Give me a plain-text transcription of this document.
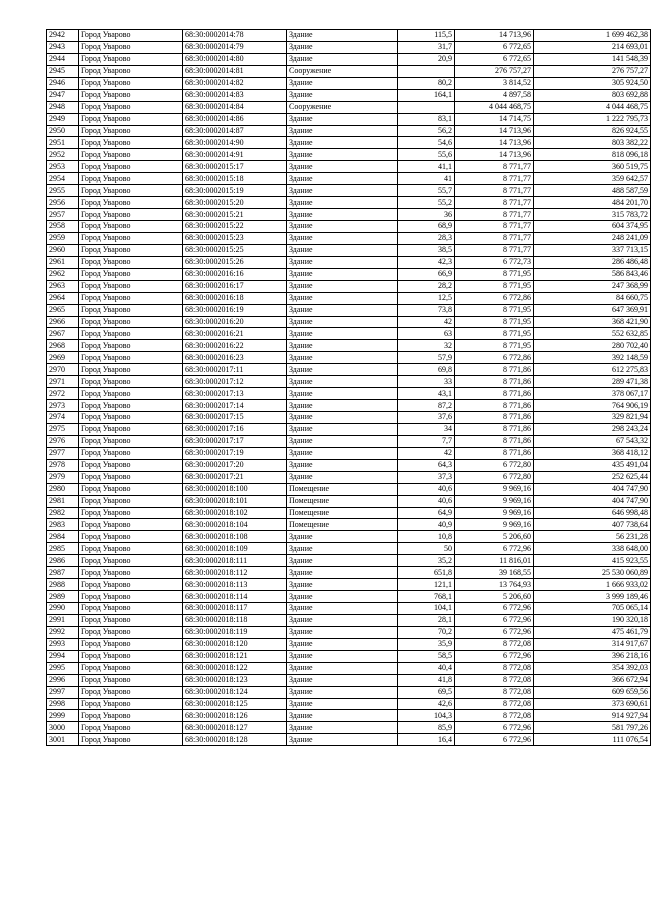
2942	Город Уварово	68:30:0002014:78	Здание	115,5	14 713,96	1 699 462,38
2943	Город Уварово	68:30:0002014:79	Здание	31,7	6 772,65	214 693,01
2944	Город Уварово	68:30:0002014:80	Здание	20,9	6 772,65	141 548,39
2945	Город Уварово	68:30:0002014:81	Сооружение		276 757,27	276 757,27
2946	Город Уварово	68:30:0002014:82	Здание	80,2	3 814,52	305 924,50
2947	Город Уварово	68:30:0002014:83	Здание	164,1	4 897,58	803 692,88
2948	Город Уварово	68:30:0002014:84	Сооружение		4 044 468,75	4 044 468,75
2949	Город Уварово	68:30:0002014:86	Здание	83,1	14 714,75	1 222 795,73
2950	Город Уварово	68:30:0002014:87	Здание	56,2	14 713,96	826 924,55
2951	Город Уварово	68:30:0002014:90	Здание	54,6	14 713,96	803 382,22
2952	Город Уварово	68:30:0002014:91	Здание	55,6	14 713,96	818 096,18
2953	Город Уварово	68:30:0002015:17	Здание	41,1	8 771,77	360 519,75
2954	Город Уварово	68:30:0002015:18	Здание	41	8 771,77	359 642,57
2955	Город Уварово	68:30:0002015:19	Здание	55,7	8 771,77	488 587,59
2956	Город Уварово	68:30:0002015:20	Здание	55,2	8 771,77	484 201,70
2957	Город Уварово	68:30:0002015:21	Здание	36	8 771,77	315 783,72
2958	Город Уварово	68:30:0002015:22	Здание	68,9	8 771,77	604 374,95
2959	Город Уварово	68:30:0002015:23	Здание	28,3	8 771,77	248 241,09
2960	Город Уварово	68:30:0002015:25	Здание	38,5	8 771,77	337 713,15
2961	Город Уварово	68:30:0002015:26	Здание	42,3	6 772,73	286 486,48
2962	Город Уварово	68:30:0002016:16	Здание	66,9	8 771,95	586 843,46
2963	Город Уварово	68:30:0002016:17	Здание	28,2	8 771,95	247 368,99
2964	Город Уварово	68:30:0002016:18	Здание	12,5	6 772,86	84 660,75
2965	Город Уварово	68:30:0002016:19	Здание	73,8	8 771,95	647 369,91
2966	Город Уварово	68:30:0002016:20	Здание	42	8 771,95	368 421,90
2967	Город Уварово	68:30:0002016:21	Здание	63	8 771,95	552 632,85
2968	Город Уварово	68:30:0002016:22	Здание	32	8 771,95	280 702,40
2969	Город Уварово	68:30:0002016:23	Здание	57,9	6 772,86	392 148,59
2970	Город Уварово	68:30:0002017:11	Здание	69,8	8 771,86	612 275,83
2971	Город Уварово	68:30:0002017:12	Здание	33	8 771,86	289 471,38
2972	Город Уварово	68:30:0002017:13	Здание	43,1	8 771,86	378 067,17
2973	Город Уварово	68:30:0002017:14	Здание	87,2	8 771,86	764 906,19
2974	Город Уварово	68:30:0002017:15	Здание	37,6	8 771,86	329 821,94
2975	Город Уварово	68:30:0002017:16	Здание	34	8 771,86	298 243,24
2976	Город Уварово	68:30:0002017:17	Здание	7,7	8 771,86	67 543,32
2977	Город Уварово	68:30:0002017:19	Здание	42	8 771,86	368 418,12
2978	Город Уварово	68:30:0002017:20	Здание	64,3	6 772,80	435 491,04
2979	Город Уварово	68:30:0002017:21	Здание	37,3	6 772,80	252 625,44
2980	Город Уварово	68:30:0002018:100	Помещение	40,6	9 969,16	404 747,90
2981	Город Уварово	68:30:0002018:101	Помещение	40,6	9 969,16	404 747,90
2982	Город Уварово	68:30:0002018:102	Помещение	64,9	9 969,16	646 998,48
2983	Город Уварово	68:30:0002018:104	Помещение	40,9	9 969,16	407 738,64
2984	Город Уварово	68:30:0002018:108	Здание	10,8	5 206,60	56 231,28
2985	Город Уварово	68:30:0002018:109	Здание	50	6 772,96	338 648,00
2986	Город Уварово	68:30:0002018:111	Здание	35,2	11 816,01	415 923,55
2987	Город Уварово	68:30:0002018:112	Здание	651,8	39 168,55	25 530 060,89
2988	Город Уварово	68:30:0002018:113	Здание	121,1	13 764,93	1 666 933,02
2989	Город Уварово	68:30:0002018:114	Здание	768,1	5 206,60	3 999 189,46
2990	Город Уварово	68:30:0002018:117	Здание	104,1	6 772,96	705 065,14
2991	Город Уварово	68:30:0002018:118	Здание	28,1	6 772,96	190 320,18
2992	Город Уварово	68:30:0002018:119	Здание	70,2	6 772,96	475 461,79
2993	Город Уварово	68:30:0002018:120	Здание	35,9	8 772,08	314 917,67
2994	Город Уварово	68:30:0002018:121	Здание	58,5	6 772,96	396 218,16
2995	Город Уварово	68:30:0002018:122	Здание	40,4	8 772,08	354 392,03
2996	Город Уварово	68:30:0002018:123	Здание	41,8	8 772,08	366 672,94
2997	Город Уварово	68:30:0002018:124	Здание	69,5	8 772,08	609 659,56
2998	Город Уварово	68:30:0002018:125	Здание	42,6	8 772,08	373 690,61
2999	Город Уварово	68:30:0002018:126	Здание	104,3	8 772,08	914 927,94
3000	Город Уварово	68:30:0002018:127	Здание	85,9	6 772,96	581 797,26
3001	Город Уварово	68:30:0002018:128	Здание	16,4	6 772,96	111 076,54
